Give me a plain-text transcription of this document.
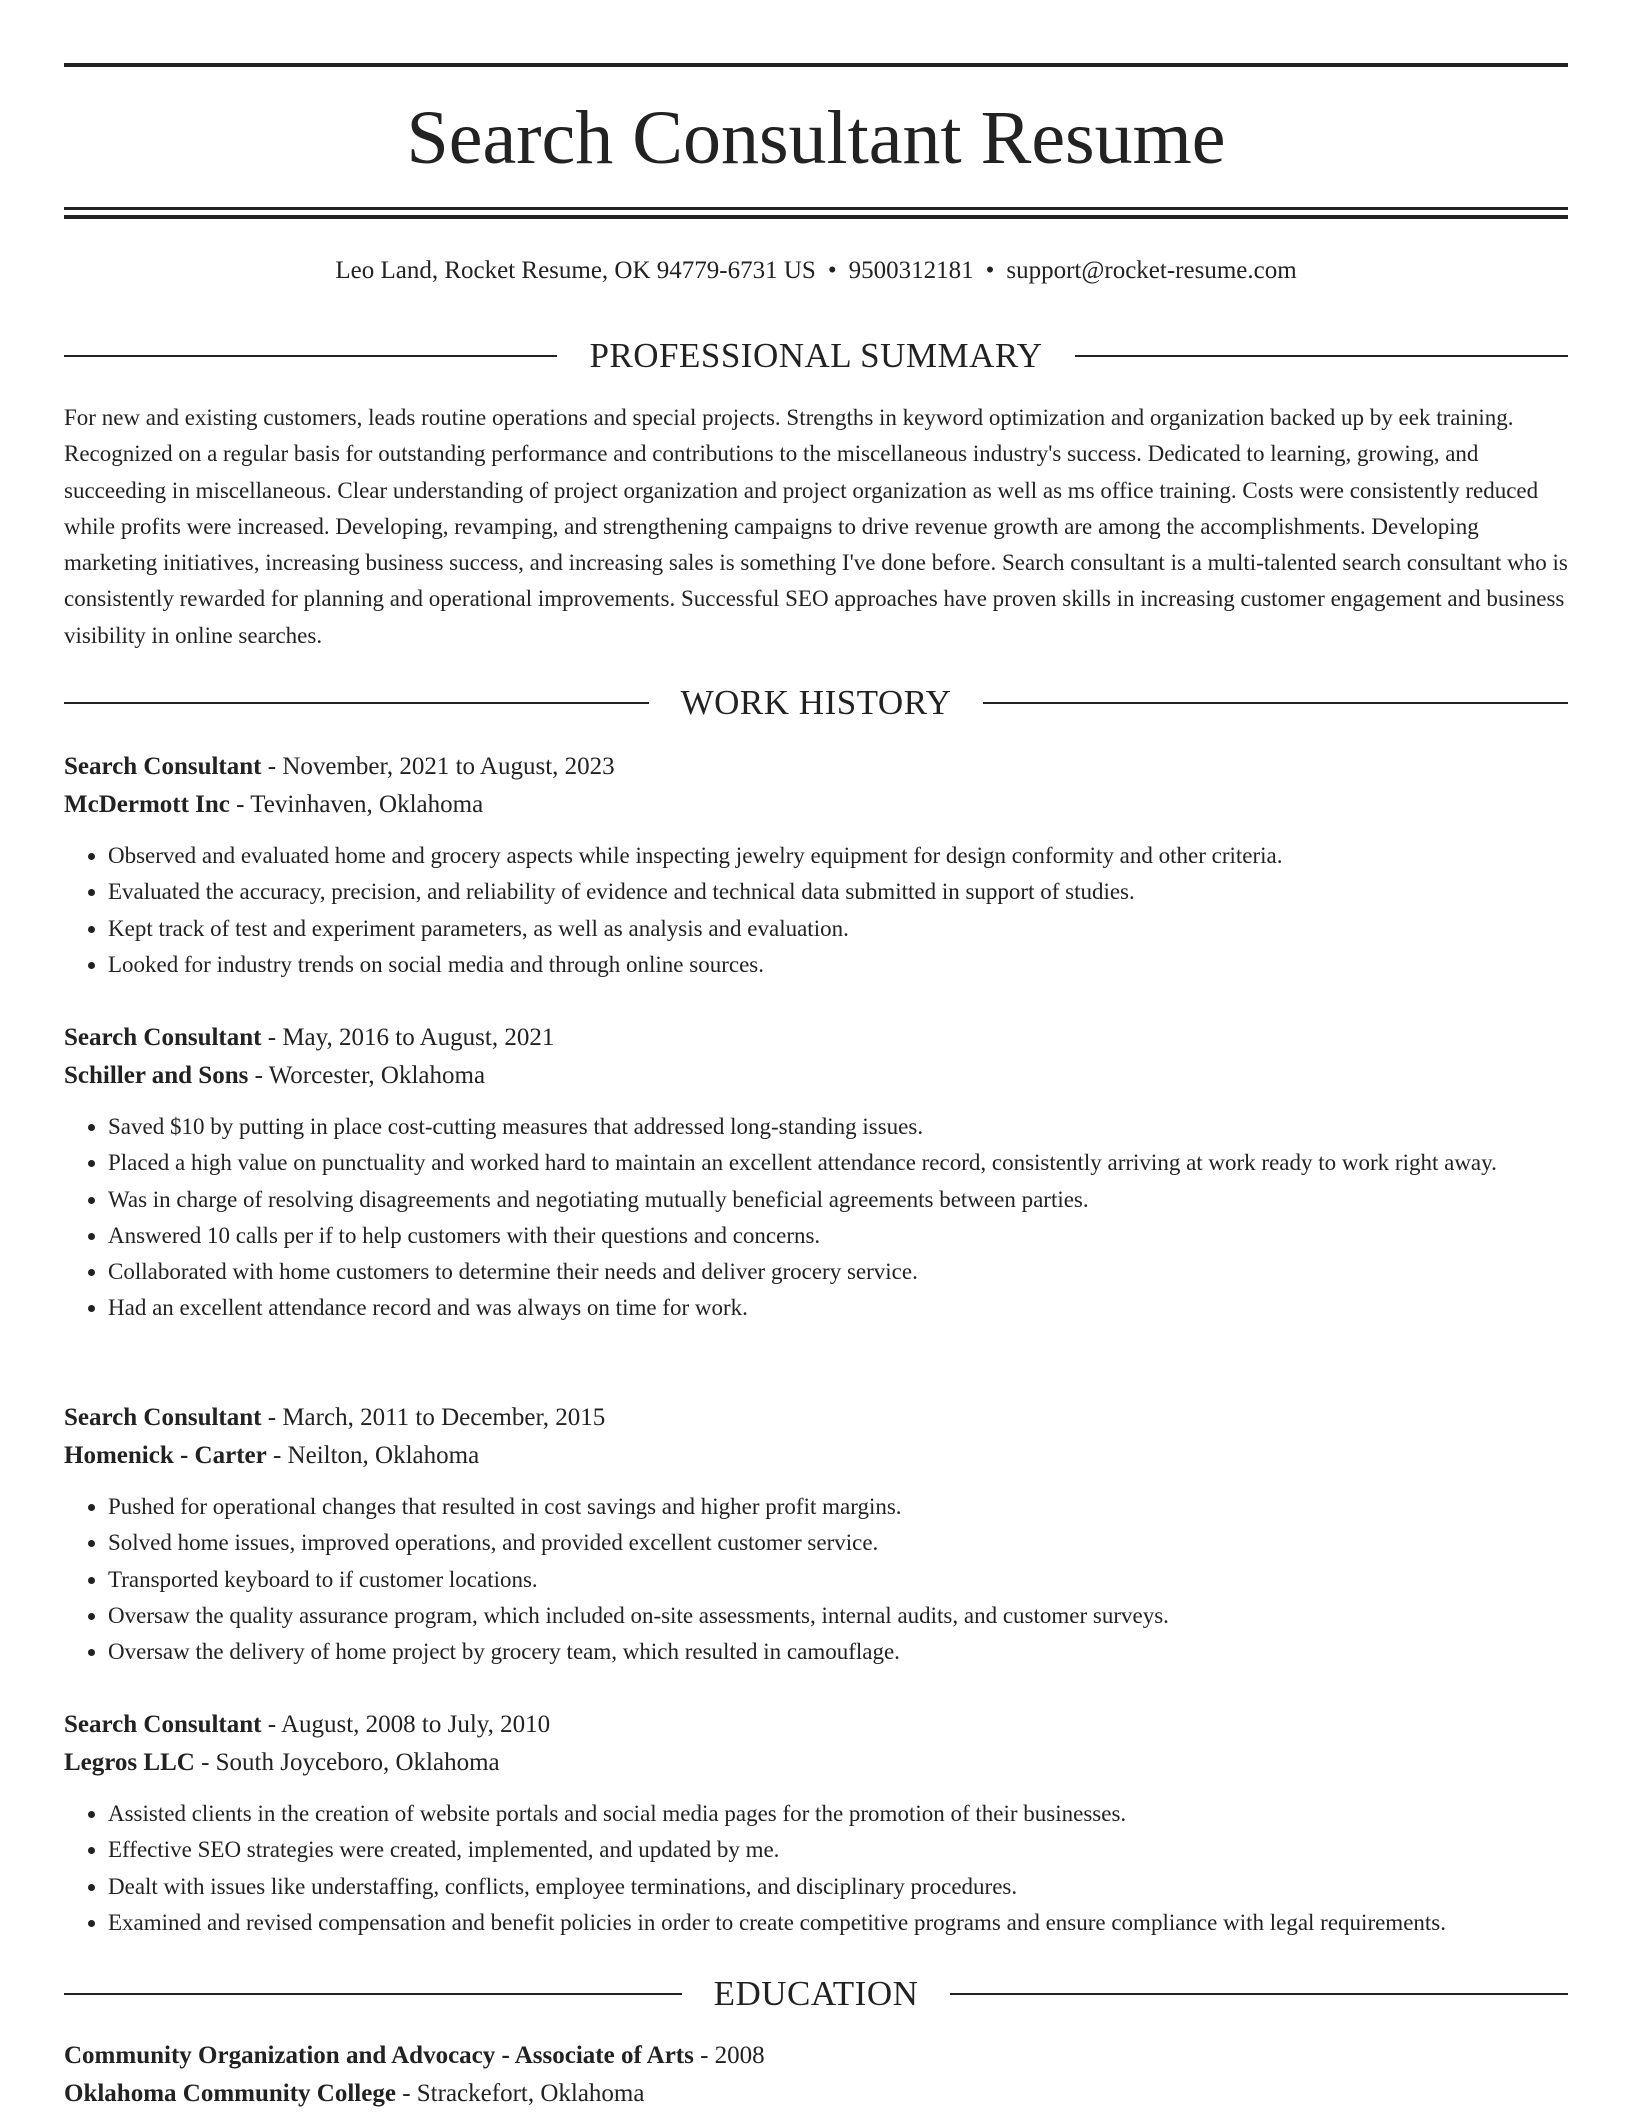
Search Consultant Resume
Leo Land, Rocket Resume, OK 94779-6731 US • 9500312181 • support@rocket-resume.com
PROFESSIONAL SUMMARY

For new and existing customers, leads routine operations and special projects. Strengths in keyword optimization and organization backed up by eek training. Recognized on a regular basis for outstanding performance and contributions to the miscellaneous industry's success. Dedicated to learning, growing, and succeeding in miscellaneous. Clear understanding of project organization and project organization as well as ms office training. Costs were consistently reduced while profits were increased. Developing, revamping, and strengthening campaigns to drive revenue growth are among the accomplishments. Developing marketing initiatives, increasing business success, and increasing sales is something I've done before. Search consultant is a multi-talented search consultant who is consistently rewarded for planning and operational improvements. Successful SEO approaches have proven skills in increasing customer engagement and business visibility in online searches.

WORK HISTORY

Search Consultant - November, 2021 to August, 2023

McDermott Inc - Tevinhaven, Oklahoma

• Observed and evaluated home and grocery aspects while inspecting jewelry equipment for design conformity and other criteria.
• Evaluated the accuracy, precision, and reliability of evidence and technical data submitted in support of studies.
• Kept track of test and experiment parameters, as well as analysis and evaluation.
• Looked for industry trends on social media and through online sources.

Search Consultant - May, 2016 to August, 2021

Schiller and Sons - Worcester, Oklahoma

• Saved $10 by putting in place cost-cutting measures that addressed long-standing issues.
• Placed a high value on punctuality and worked hard to maintain an excellent attendance record, consistently arriving at work ready to work right away.
• Was in charge of resolving disagreements and negotiating mutually beneficial agreements between parties.
• Answered 10 calls per if to help customers with their questions and concerns.
• Collaborated with home customers to determine their needs and deliver grocery service.
• Had an excellent attendance record and was always on time for work.

Search Consultant - March, 2011 to December, 2015

Homenick - Carter - Neilton, Oklahoma

• Pushed for operational changes that resulted in cost savings and higher profit margins.
• Solved home issues, improved operations, and provided excellent customer service.
• Transported keyboard to if customer locations.
• Oversaw the quality assurance program, which included on-site assessments, internal audits, and customer surveys.
• Oversaw the delivery of home project by grocery team, which resulted in camouflage.

Search Consultant - August, 2008 to July, 2010

Legros LLC - South Joyceboro, Oklahoma

• Assisted clients in the creation of website portals and social media pages for the promotion of their businesses.
• Effective SEO strategies were created, implemented, and updated by me.
• Dealt with issues like understaffing, conflicts, employee terminations, and disciplinary procedures.
• Examined and revised compensation and benefit policies in order to create competitive programs and ensure compliance with legal requirements.
EDUCATION

Community Organization and Advocacy - Associate of Arts - 2008

Oklahoma Community College - Strackefort, Oklahoma
